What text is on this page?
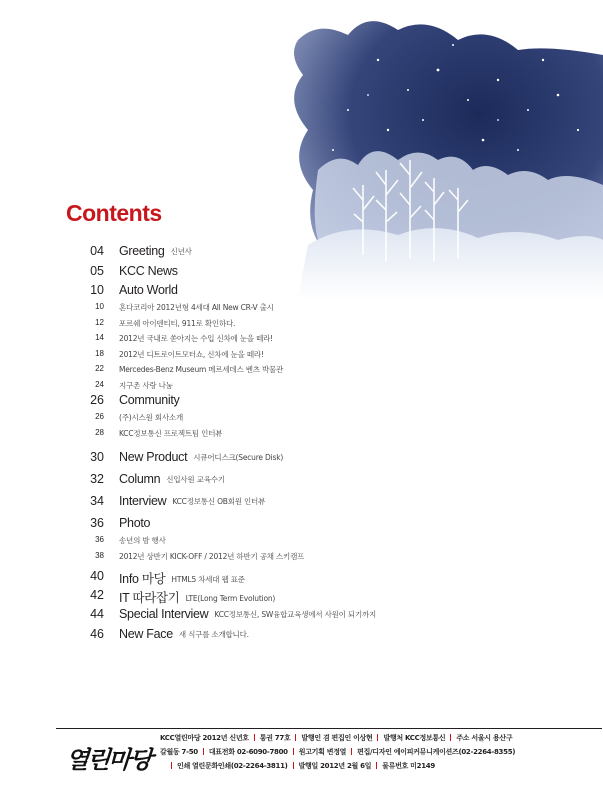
Contents
04 Greeting 신년사
05 KCC News
10 Auto World
10 혼다코리아 2012년형 4세대 All New CR-V 출시
12 포르쉐 아이덴티티, 911로 확인하다.
14 2012년 국내로 쏟아지는 수입 신차에 눈을 떼라!
18 2012년 디트로이트모터쇼, 신차에 눈을 떼라!
22 Mercedes-Benz Museum 메르세데스 벤츠 박물관
24 지구촌 사랑 나눔
26 Community
26 (주)시스원 회사소개
28 KCC정보통신 프로젝트팀 인터뷰
30 New Product 시큐어디스크(Secure Disk)
32 Column 신입사원 교육수기
34 Interview KCC정보통신 OB회원 인터뷰
36 Photo
36 송년의 밤 행사
38 2012년 상반기 KICK-OFF / 2012년 하반기 공채 스키캠프
40 Info 마당 HTML5 차세대 웹 표준
42 IT 따라잡기 LTE(Long Term Evolution)
44 Special Interview KCC정보통신, SW융합교육생에서 사원이 되기까지
46 New Face 새 식구를 소개합니다.
열린마당
KCC열린마당 2012년 신년호 통권 77호 발행인 겸 편집인 이상현 발행처 KCC정보통신 주소 서울시 용산구
갈월동 7-50 대표전화 02-6090-7800 원고기획 변정열 편집/디자인 에이피커뮤니케이션즈(02-2264-8355)
인쇄 열린문화인쇄(02-2264-3811) 발행일 2012년 2월 6일 물류번호 미2149
